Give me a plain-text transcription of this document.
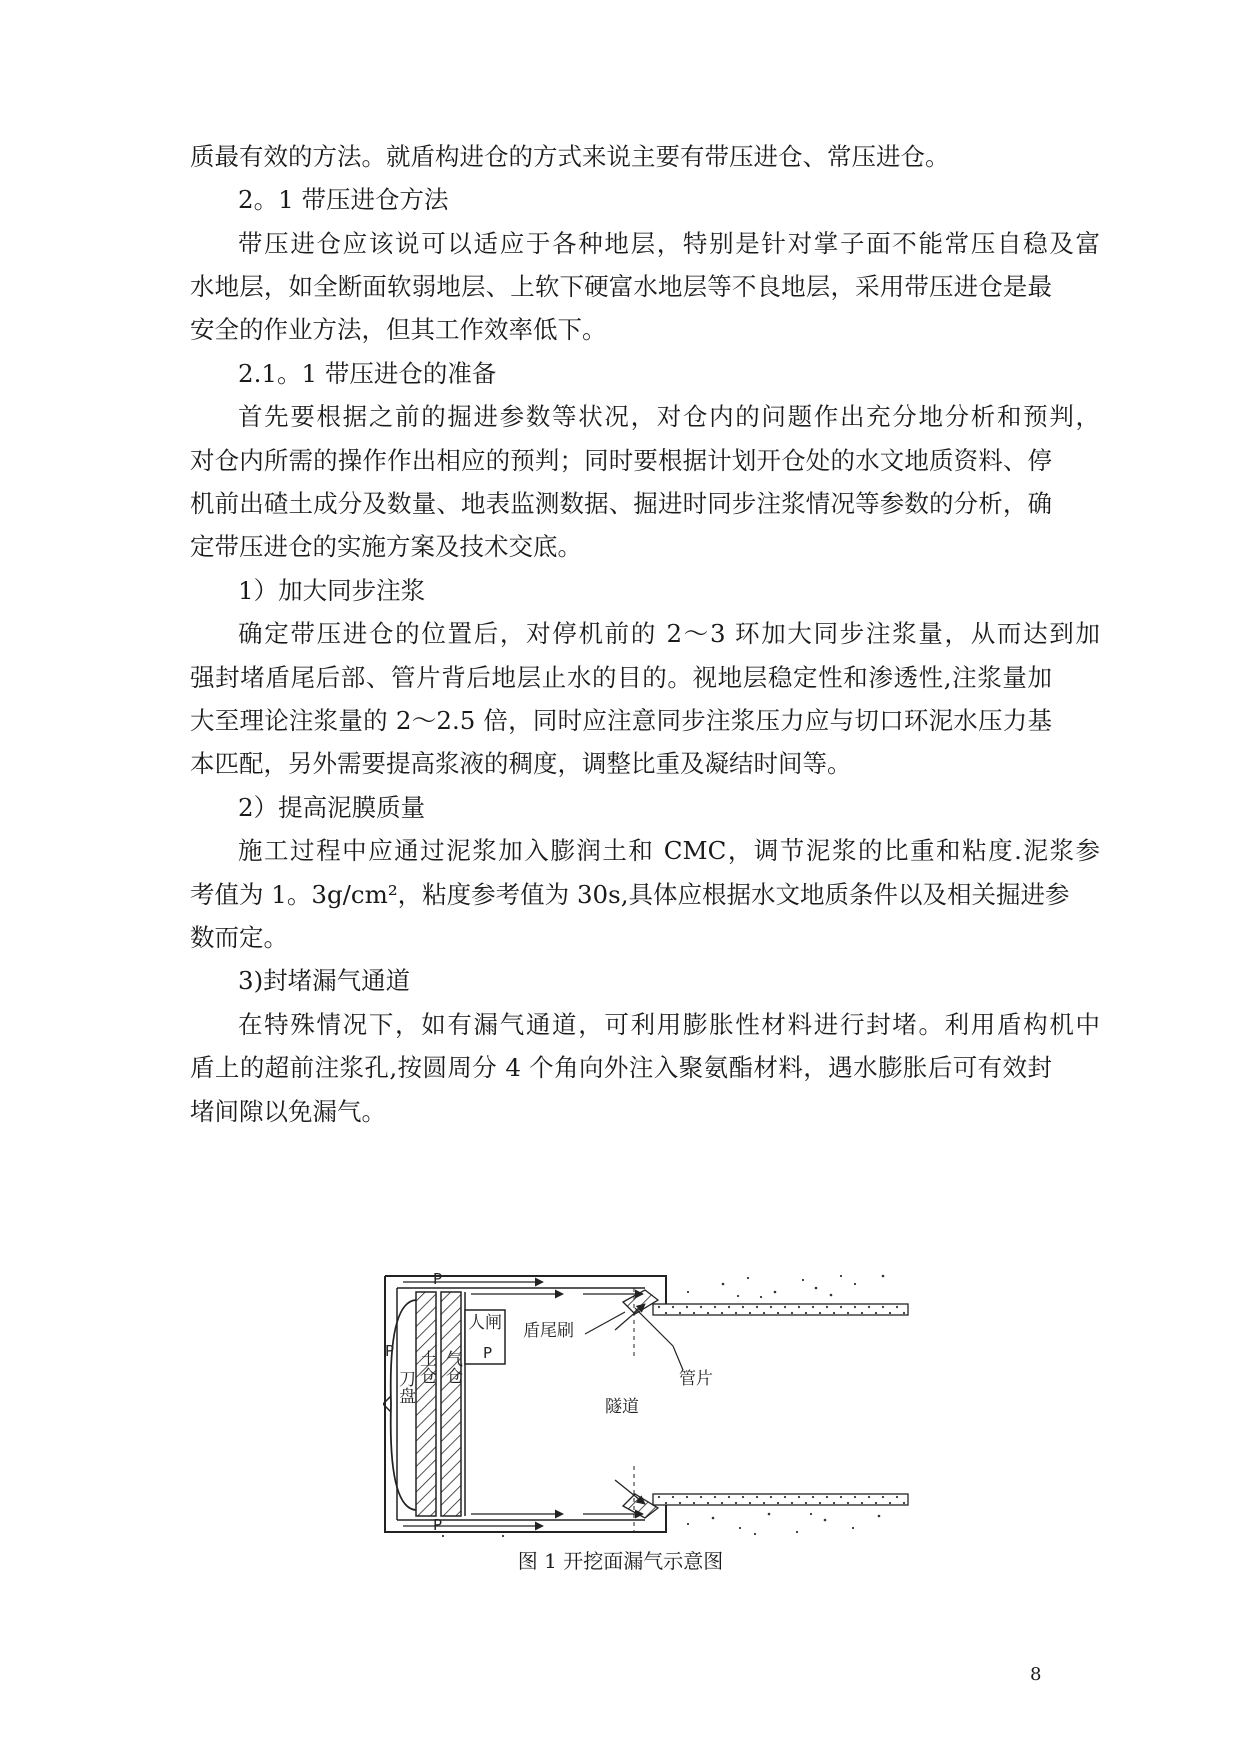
质最有效的方法。就盾构进仓的方式来说主要有带压进仓、常压进仓。
2。1 带压进仓方法
带压进仓应该说可以适应于各种地层，特别是针对掌子面不能常压自稳及富
水地层，如全断面软弱地层、上软下硬富水地层等不良地层，采用带压进仓是最
安全的作业方法，但其工作效率低下。
2.1。1 带压进仓的准备
首先要根据之前的掘进参数等状况，对仓内的问题作出充分地分析和预判，
对仓内所需的操作作出相应的预判；同时要根据计划开仓处的水文地质资料、停
机前出碴土成分及数量、地表监测数据、掘进时同步注浆情况等参数的分析，确
定带压进仓的实施方案及技术交底。
1）加大同步注浆
确定带压进仓的位置后，对停机前的 2～3 环加大同步注浆量，从而达到加
强封堵盾尾后部、管片背后地层止水的目的。视地层稳定性和渗透性,注浆量加
大至理论注浆量的 2～2.5 倍，同时应注意同步注浆压力应与切口环泥水压力基
本匹配，另外需要提高浆液的稠度，调整比重及凝结时间等。
2）提高泥膜质量
施工过程中应通过泥浆加入膨润土和 CMC，调节泥浆的比重和粘度.泥浆参
考值为 1。3g/cm²，粘度参考值为 30s,具体应根据水文地质条件以及相关掘进参
数而定。
3)封堵漏气通道
在特殊情况下，如有漏气通道，可利用膨胀性材料进行封堵。利用盾构机中
盾上的超前注浆孔,按圆周分 4 个角向外注入聚氨酯材料，遇水膨胀后可有效封
堵间隙以免漏气。
P
P
P
P
人闸 盾尾刷
管片
隧道
刀盘
土仓 气仓
图 1 开挖面漏气示意图
8
